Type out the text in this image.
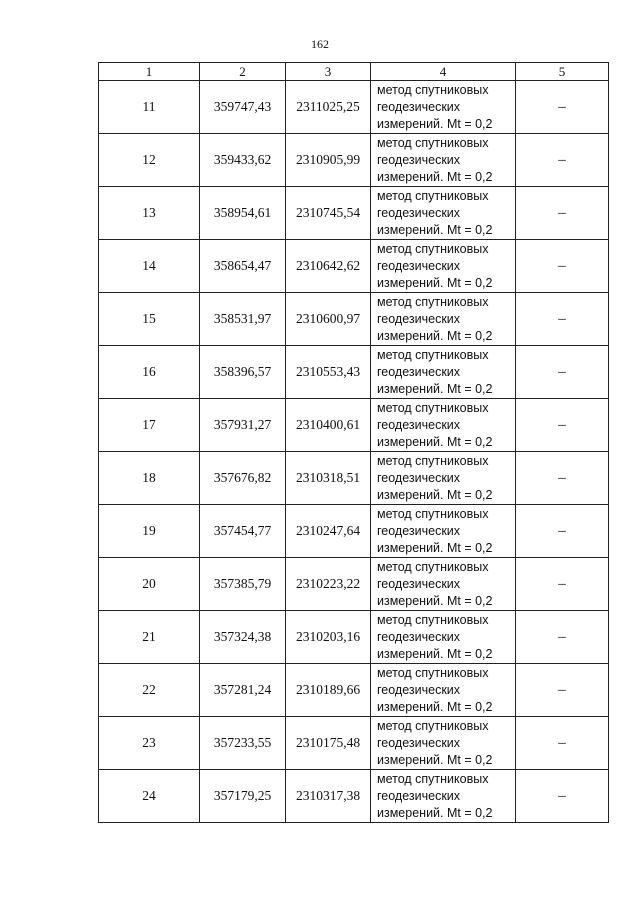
162
1	2	3	4	5
11	359747,43	2311025,25	метод спутниковых
геодезических
измерений. Mt = 0,2	–
12	359433,62	2310905,99	метод спутниковых
геодезических
измерений. Mt = 0,2	–
13	358954,61	2310745,54	метод спутниковых
геодезических
измерений. Mt = 0,2	–
14	358654,47	2310642,62	метод спутниковых
геодезических
измерений. Mt = 0,2	–
15	358531,97	2310600,97	метод спутниковых
геодезических
измерений. Mt = 0,2	–
16	358396,57	2310553,43	метод спутниковых
геодезических
измерений. Mt = 0,2	–
17	357931,27	2310400,61	метод спутниковых
геодезических
измерений. Mt = 0,2	–
18	357676,82	2310318,51	метод спутниковых
геодезических
измерений. Mt = 0,2	–
19	357454,77	2310247,64	метод спутниковых
геодезических
измерений. Mt = 0,2	–
20	357385,79	2310223,22	метод спутниковых
геодезических
измерений. Mt = 0,2	–
21	357324,38	2310203,16	метод спутниковых
геодезических
измерений. Mt = 0,2	–
22	357281,24	2310189,66	метод спутниковых
геодезических
измерений. Mt = 0,2	–
23	357233,55	2310175,48	метод спутниковых
геодезических
измерений. Mt = 0,2	–
24	357179,25	2310317,38	метод спутниковых
геодезических
измерений. Mt = 0,2	–
